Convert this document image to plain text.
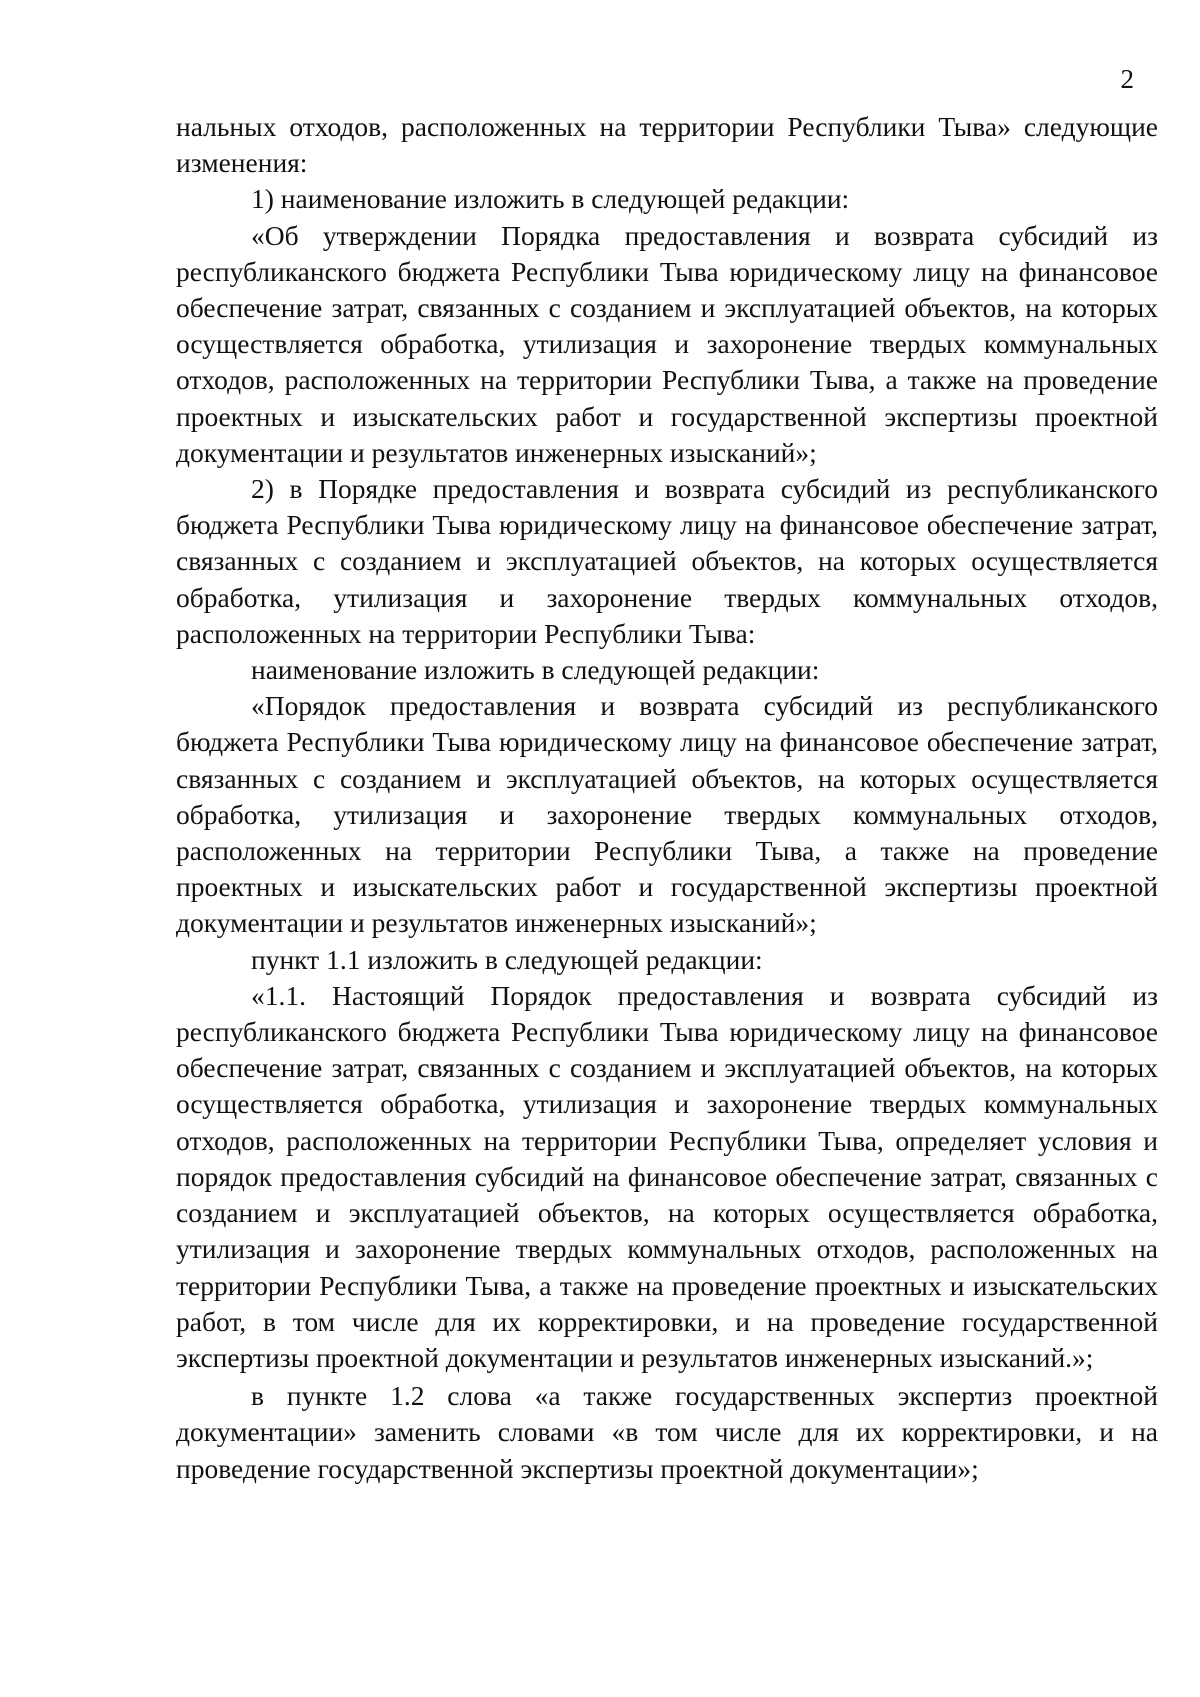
2

нальных отходов, расположенных на территории Республики Тыва» следующие изменения:

1) наименование изложить в следующей редакции:

«Об утверждении Порядка предоставления и возврата субсидий из республиканского бюджета Республики Тыва юридическому лицу на финансовое обеспечение затрат, связанных с созданием и эксплуатацией объектов, на которых осуществляется обработка, утилизация и захоронение твердых коммунальных отходов, расположенных на территории Республики Тыва, а также на проведение проектных и изыскательских работ и государственной экспертизы проектной документации и результатов инженерных изысканий»;

2) в Порядке предоставления и возврата субсидий из республиканского бюджета Республики Тыва юридическому лицу на финансовое обеспечение затрат, связанных с созданием и эксплуатацией объектов, на которых осуществляется обработка, утилизация и захоронение твердых коммунальных отходов, расположенных на территории Республики Тыва:

наименование изложить в следующей редакции:

«Порядок предоставления и возврата субсидий из республиканского бюджета Республики Тыва юридическому лицу на финансовое обеспечение затрат, связанных с созданием и эксплуатацией объектов, на которых осуществляется обработка, утилизация и захоронение твердых коммунальных отходов, расположенных на территории Республики Тыва, а также на проведение проектных и изыскательских работ и государственной экспертизы проектной документации и результатов инженерных изысканий»;

пункт 1.1 изложить в следующей редакции:

«1.1. Настоящий Порядок предоставления и возврата субсидий из республиканского бюджета Республики Тыва юридическому лицу на финансовое обеспечение затрат, связанных с созданием и эксплуатацией объектов, на которых осуществляется обработка, утилизация и захоронение твердых коммунальных отходов, расположенных на территории Республики Тыва, определяет условия и порядок предоставления субсидий на финансовое обеспечение затрат, связанных с созданием и эксплуатацией объектов, на которых осуществляется обработка, утилизация и захоронение твердых коммунальных отходов, расположенных на территории Республики Тыва, а также на проведение проектных и изыскательских работ, в том числе для их корректировки, и на проведение государственной экспертизы проектной документации и результатов инженерных изысканий.»;

в пункте 1.2 слова «а также государственных экспертиз проектной документации» заменить словами «в том числе для их корректировки, и на проведение государственной экспертизы проектной документации»;
